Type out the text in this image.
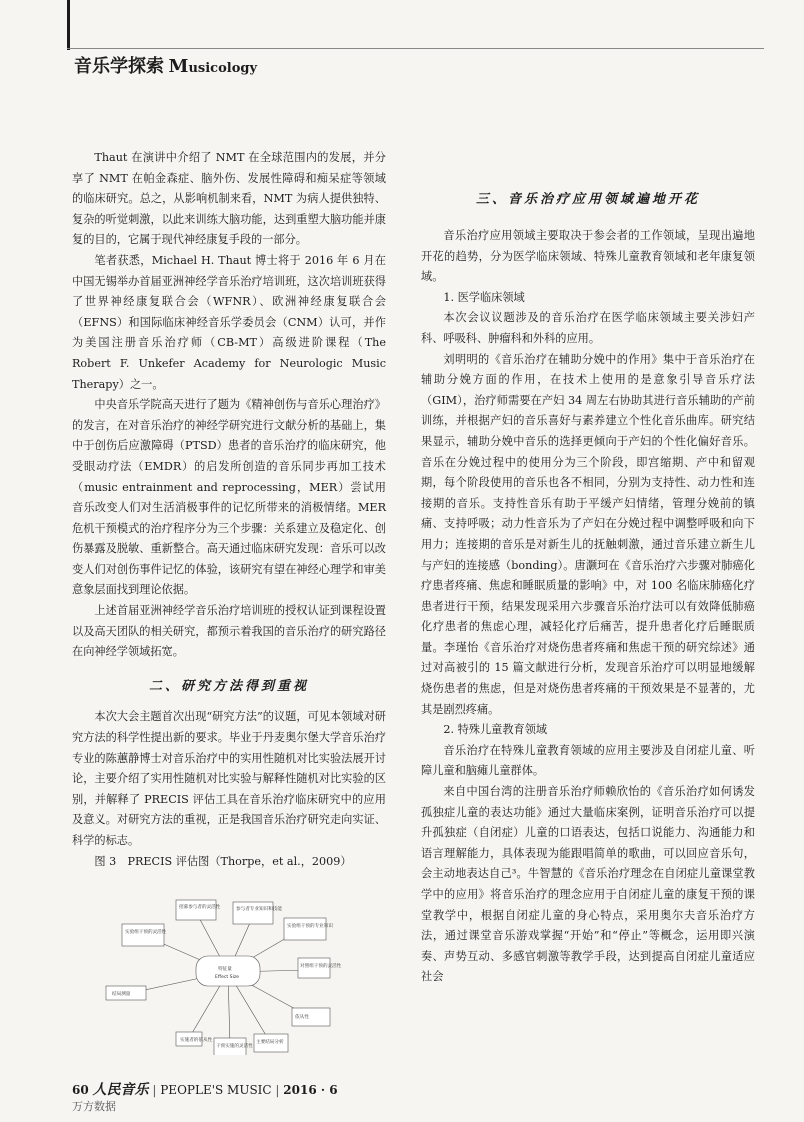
音乐学探索 Musicology

Thaut 在演讲中介绍了 NMT 在全球范围内的发展，并分享了 NMT 在帕金森症、脑外伤、发展性障碍和痴呆症等领域的临床研究。总之，从影响机制来看，NMT 为病人提供独特、复杂的听觉刺激，以此来训练大脑功能，达到重塑大脑功能并康复的目的，它属于现代神经康复手段的一部分。

笔者获悉，Michael H. Thaut 博士将于 2016 年 6 月在中国无锡举办首届亚洲神经学音乐治疗培训班，这次培训班获得了世界神经康复联合会（WFNR）、欧洲神经康复联合会（EFNS）和国际临床神经音乐学委员会（CNM）认可，并作为美国注册音乐治疗师（CB-MT）高级进阶课程（The Robert F. Unkefer Academy for Neurologic Music Therapy）之一。

中央音乐学院高天进行了题为《精神创伤与音乐心理治疗》的发言，在对音乐治疗的神经学研究进行文献分析的基础上，集中于创伤后应激障碍（PTSD）患者的音乐治疗的临床研究，他受眼动疗法（EMDR）的启发所创造的音乐同步再加工技术（music entrainment and reprocessing，MER）尝试用音乐改变人们对生活消极事件的记忆所带来的消极情绪。MER 危机干预模式的治疗程序分为三个步骤：关系建立及稳定化、创伤暴露及脱敏、重新整合。高天通过临床研究发现：音乐可以改变人们对创伤事件记忆的体验，该研究有望在神经心理学和审美意象层面找到理论依据。

上述首届亚洲神经学音乐治疗培训班的授权认证到课程设置以及高天团队的相关研究，都预示着我国的音乐治疗的研究路径在向神经学领域拓宽。

二、研究方法得到重视

本次大会主题首次出现“研究方法”的议题，可见本领域对研究方法的科学性提出新的要求。毕业于丹麦奥尔堡大学音乐治疗专业的陈蕙静博士对音乐治疗中的实用性随机对比实验法展开讨论，主要介绍了实用性随机对比实验与解释性随机对比实验的区别，并解释了 PRECIS 评估工具在音乐治疗临床研究中的应用及意义。对研究方法的重视，正是我国音乐治疗研究走向实证、科学的标志。

图 3　PRECIS 评估图（Thorpe，et al.，2009）

特征量
Effect Size
招募参与者的灵活性	参与者专业知识和技能
实验组干预的灵活性
实验组干预的专业知识
对照组干预的灵活性
结局测量
依从性
实施者的依从性
干预实施的灵活性
主要结局分析
三、音乐治疗应用领域遍地开花

音乐治疗应用领域主要取决于参会者的工作领域，呈现出遍地开花的趋势，分为医学临床领域、特殊儿童教育领域和老年康复领域。

1. 医学临床领域

本次会议议题涉及的音乐治疗在医学临床领域主要关涉妇产科、呼吸科、肿瘤科和外科的应用。

刘明明的《音乐治疗在辅助分娩中的作用》集中于音乐治疗在辅助分娩方面的作用，在技术上使用的是意象引导音乐疗法（GIM），治疗师需要在产妇 34 周左右协助其进行音乐辅助的产前训练，并根据产妇的音乐喜好与素养建立个性化音乐曲库。研究结果显示，辅助分娩中音乐的选择更倾向于产妇的个性化偏好音乐。音乐在分娩过程中的使用分为三个阶段，即宫缩期、产中和留观期，每个阶段使用的音乐也各不相同，分别为支持性、动力性和连接期的音乐。支持性音乐有助于平缓产妇情绪，管理分娩前的镇痛、支持呼吸；动力性音乐为了产妇在分娩过程中调整呼吸和向下用力；连接期的音乐是对新生儿的抚触刺激，通过音乐建立新生儿与产妇的连接感（bonding）。唐灏珂在《音乐治疗六步骤对肺癌化疗患者疼痛、焦虑和睡眠质量的影响》中，对 100 名临床肺癌化疗患者进行干预，结果发现采用六步骤音乐治疗法可以有效降低肺癌化疗患者的焦虑心理，减轻化疗后痛苦，提升患者化疗后睡眠质量。李瑾怡《音乐治疗对烧伤患者疼痛和焦虑干预的研究综述》通过对高被引的 15 篇文献进行分析，发现音乐治疗可以明显地缓解烧伤患者的焦虑，但是对烧伤患者疼痛的干预效果是不显著的，尤其是剧烈疼痛。

2. 特殊儿童教育领域

音乐治疗在特殊儿童教育领域的应用主要涉及自闭症儿童、听障儿童和脑瘫儿童群体。

来自中国台湾的注册音乐治疗师赖欣怡的《音乐治疗如何诱发孤独症儿童的表达功能》通过大量临床案例，证明音乐治疗可以提升孤独症（自闭症）儿童的口语表达，包括口说能力、沟通能力和语言理解能力，具体表现为能跟唱简单的歌曲，可以回应音乐句，会主动地表达自己³。牛智慧的《音乐治疗理念在自闭症儿童课堂教学中的应用》将音乐治疗的理念应用于自闭症儿童的康复干预的课堂教学中，根据自闭症儿童的身心特点，采用奥尔夫音乐治疗方法，通过课堂音乐游戏掌握“开始”和“停止”等概念，运用即兴演奏、声势互动、多感官刺激等教学手段，达到提高自闭症儿童适应社会

60 人民音乐 | PEOPLE'S MUSIC | 2016 · 6
万方数据
